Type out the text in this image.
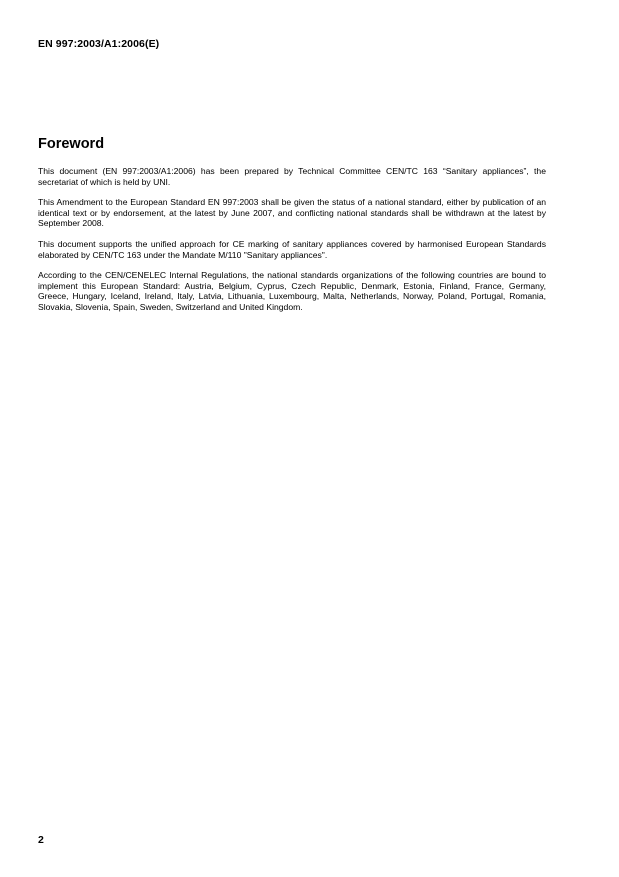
EN 997:2003/A1:2006(E)
Foreword

This document (EN 997:2003/A1:2006) has been prepared by Technical Committee CEN/TC 163 “Sanitary appliances”, the secretariat of which is held by UNI.

This Amendment to the European Standard EN 997:2003 shall be given the status of a national standard, either by publication of an identical text or by endorsement, at the latest by June 2007, and conflicting national standards shall be withdrawn at the latest by September 2008.

This document supports the unified approach for CE marking of sanitary appliances covered by harmonised European Standards elaborated by CEN/TC 163 under the Mandate M/110 "Sanitary appliances".

According to the CEN/CENELEC Internal Regulations, the national standards organizations of the following countries are bound to implement this European Standard: Austria, Belgium, Cyprus, Czech Republic, Denmark, Estonia, Finland, France, Germany, Greece, Hungary, Iceland, Ireland, Italy, Latvia, Lithuania, Luxembourg, Malta, Netherlands, Norway, Poland, Portugal, Romania, Slovakia, Slovenia, Spain, Sweden, Switzerland and United Kingdom.

2
